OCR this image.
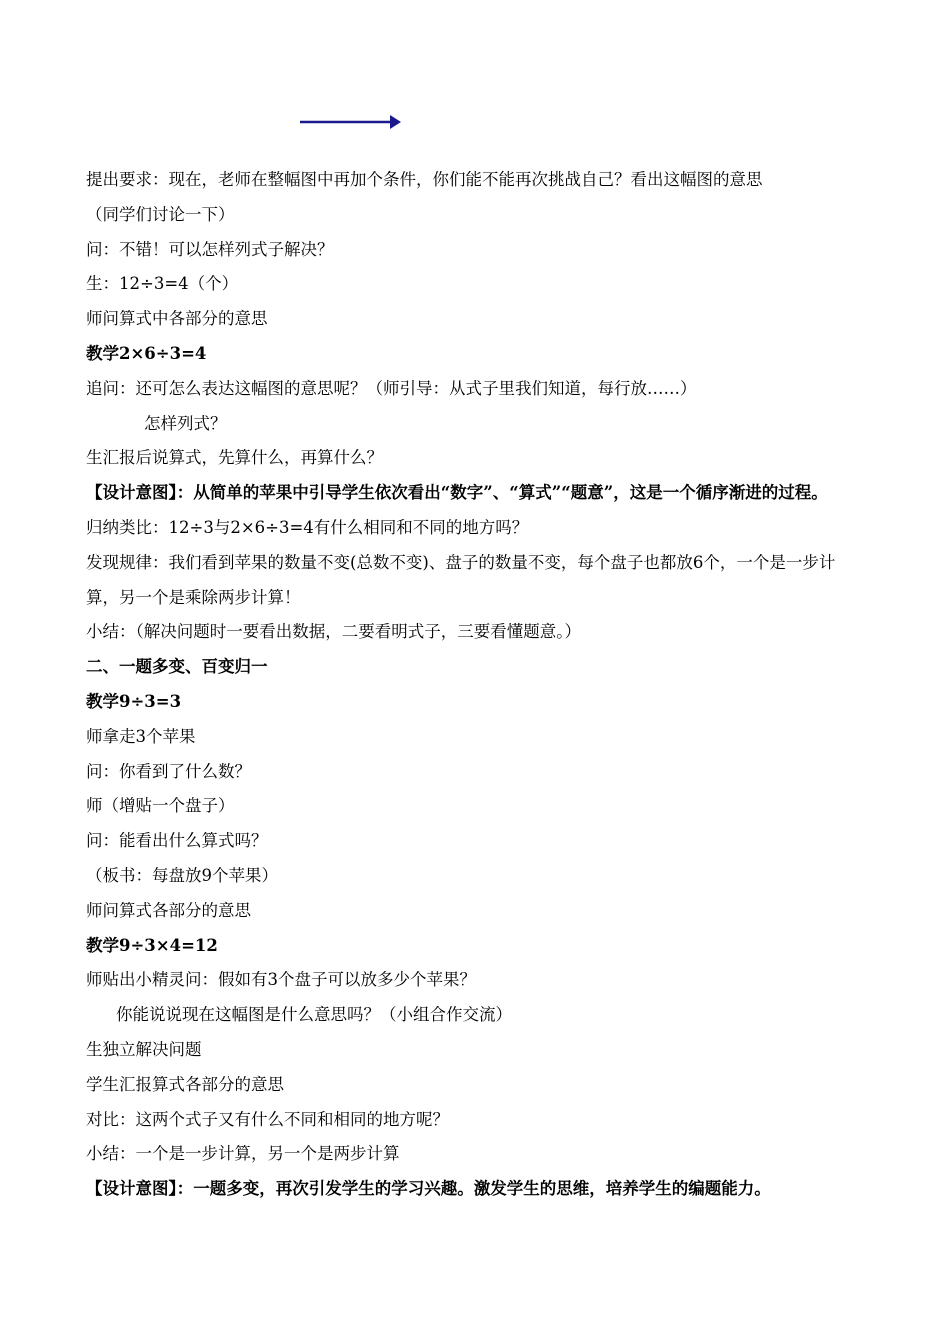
提出要求：现在，老师在整幅图中再加个条件，你们能不能再次挑战自己？看出这幅图的意思
（同学们讨论一下）
问：不错！可以怎样列式子解决？
生：12÷3=4（个）
师问算式中各部分的意思
教学2×6÷3=4
追问：还可怎么表达这幅图的意思呢？（师引导：从式子里我们知道，每行放……）
怎样列式？
生汇报后说算式，先算什么，再算什么？
【设计意图】：从简单的苹果中引导学生依次看出“数字”、“算式”“题意”，这是一个循序渐进的过程。
归纳类比：12÷3与2×6÷3=4有什么相同和不同的地方吗？
发现规律：我们看到苹果的数量不变(总数不变)、盘子的数量不变，每个盘子也都放6个，一个是一步计算，另一个是乘除两步计算！
小结：（解决问题时一要看出数据，二要看明式子，三要看懂题意。）
二、一题多变、百变归一
教学9÷3=3
师拿走3个苹果
问：你看到了什么数？
师（增贴一个盘子）
问：能看出什么算式吗？
（板书：每盘放9个苹果）
师问算式各部分的意思
教学9÷3×4=12
师贴出小精灵问：假如有3个盘子可以放多少个苹果？
你能说说现在这幅图是什么意思吗？（小组合作交流）
生独立解决问题
学生汇报算式各部分的意思
对比：这两个式子又有什么不同和相同的地方呢？
小结：一个是一步计算，另一个是两步计算
【设计意图】：一题多变，再次引发学生的学习兴趣。激发学生的思维，培养学生的编题能力。
